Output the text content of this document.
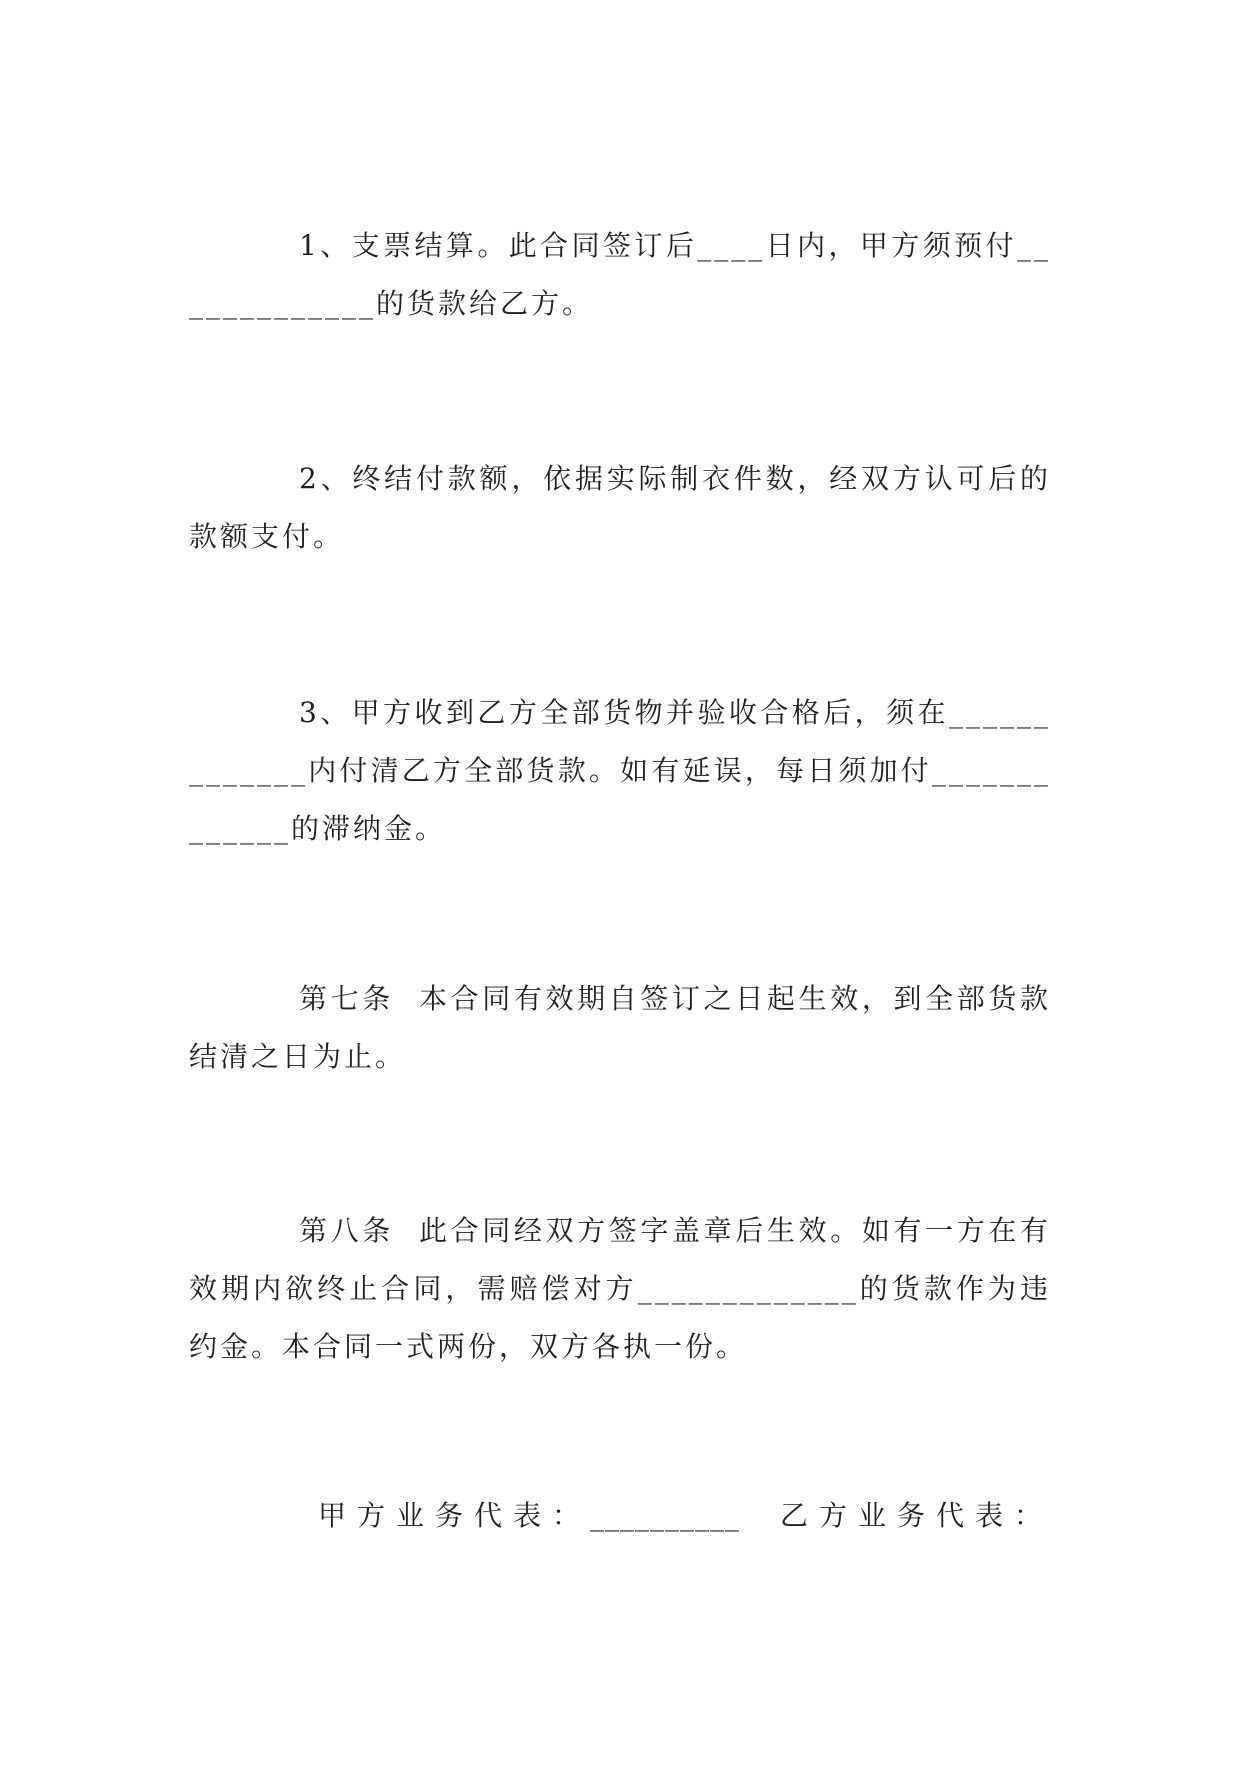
1、支票结算。此合同签订后____日内，甲方须预付_____________的货款给乙方。

2、终结付款额，依据实际制衣件数，经双方认可后的款额支付。

3、甲方收到乙方全部货物并验收合格后，须在_____________内付清乙方全部货款。如有延误，每日须加付_____________的滞纳金。

第七条  本合同有效期自签订之日起生效，到全部货款结清之日为止。

第八条  此合同经双方签字盖章后生效。如有一方在有效期内欲终止合同，需赔偿对方_____________的货款作为违约金。本合同一式两份，双方各执一份。

甲方业务代表：

__________

乙方业务代表：
